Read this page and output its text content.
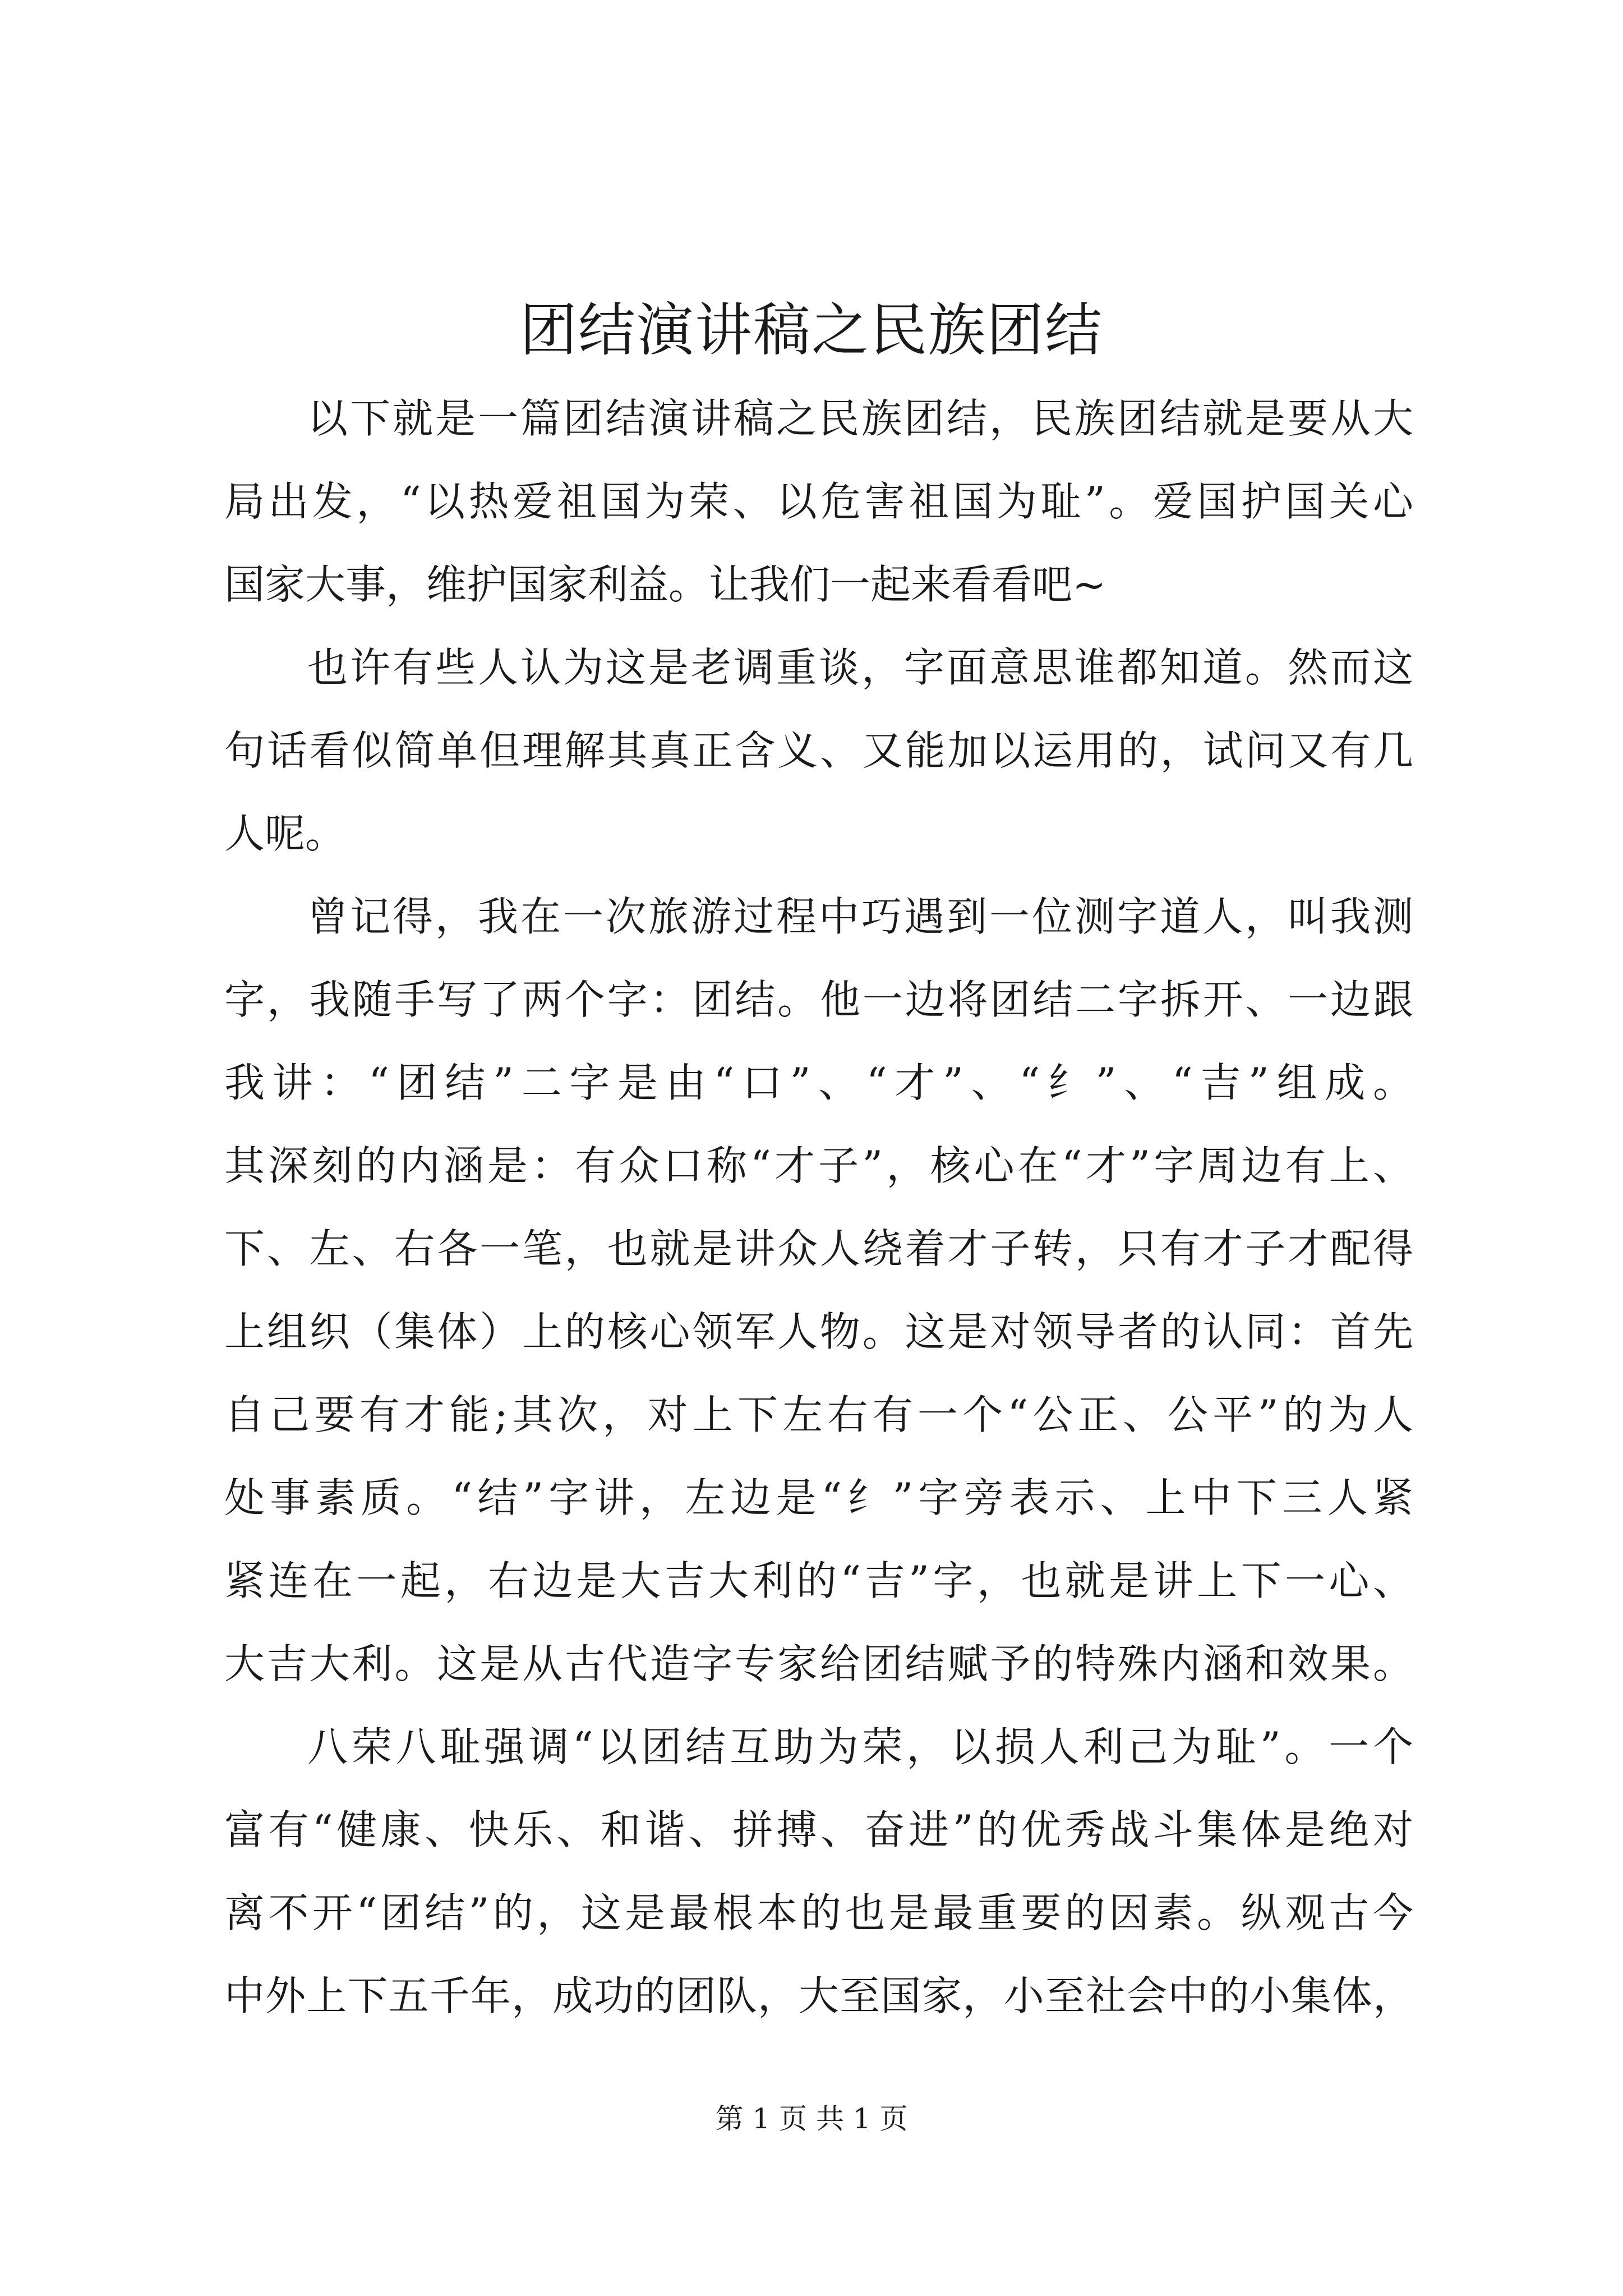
团结演讲稿之民族团结
以下就是一篇团结演讲稿之民族团结，民族团结就是要从大
局出发，“以热爱祖国为荣、以危害祖国为耻”。爱国护国关心
国家大事，维护国家利益。让我们一起来看看吧~
也许有些人认为这是老调重谈，字面意思谁都知道。然而这
句话看似简单但理解其真正含义、又能加以运用的，试问又有几
人呢。
曾记得，我在一次旅游过程中巧遇到一位测字道人，叫我测
字，我随手写了两个字：团结。他一边将团结二字拆开、一边跟
我讲：“团结”二字是由“口”、“才”、“纟”、“吉”组成。
其深刻的内涵是：有众口称“才子”，核心在“才”字周边有上、
下、左、右各一笔，也就是讲众人绕着才子转，只有才子才配得
上组织（集体）上的核心领军人物。这是对领导者的认同：首先
自己要有才能;其次，对上下左右有一个“公正、公平”的为人
处事素质。“结”字讲，左边是“纟”字旁表示、上中下三人紧
紧连在一起，右边是大吉大利的“吉”字，也就是讲上下一心、
大吉大利。这是从古代造字专家给团结赋予的特殊内涵和效果。
八荣八耻强调“以团结互助为荣，以损人利己为耻”。一个
富有“健康、快乐、和谐、拼搏、奋进”的优秀战斗集体是绝对
离不开“团结”的，这是最根本的也是最重要的因素。纵观古今
中外上下五千年，成功的团队，大至国家，小至社会中的小集体，
第 1 页 共 1 页
